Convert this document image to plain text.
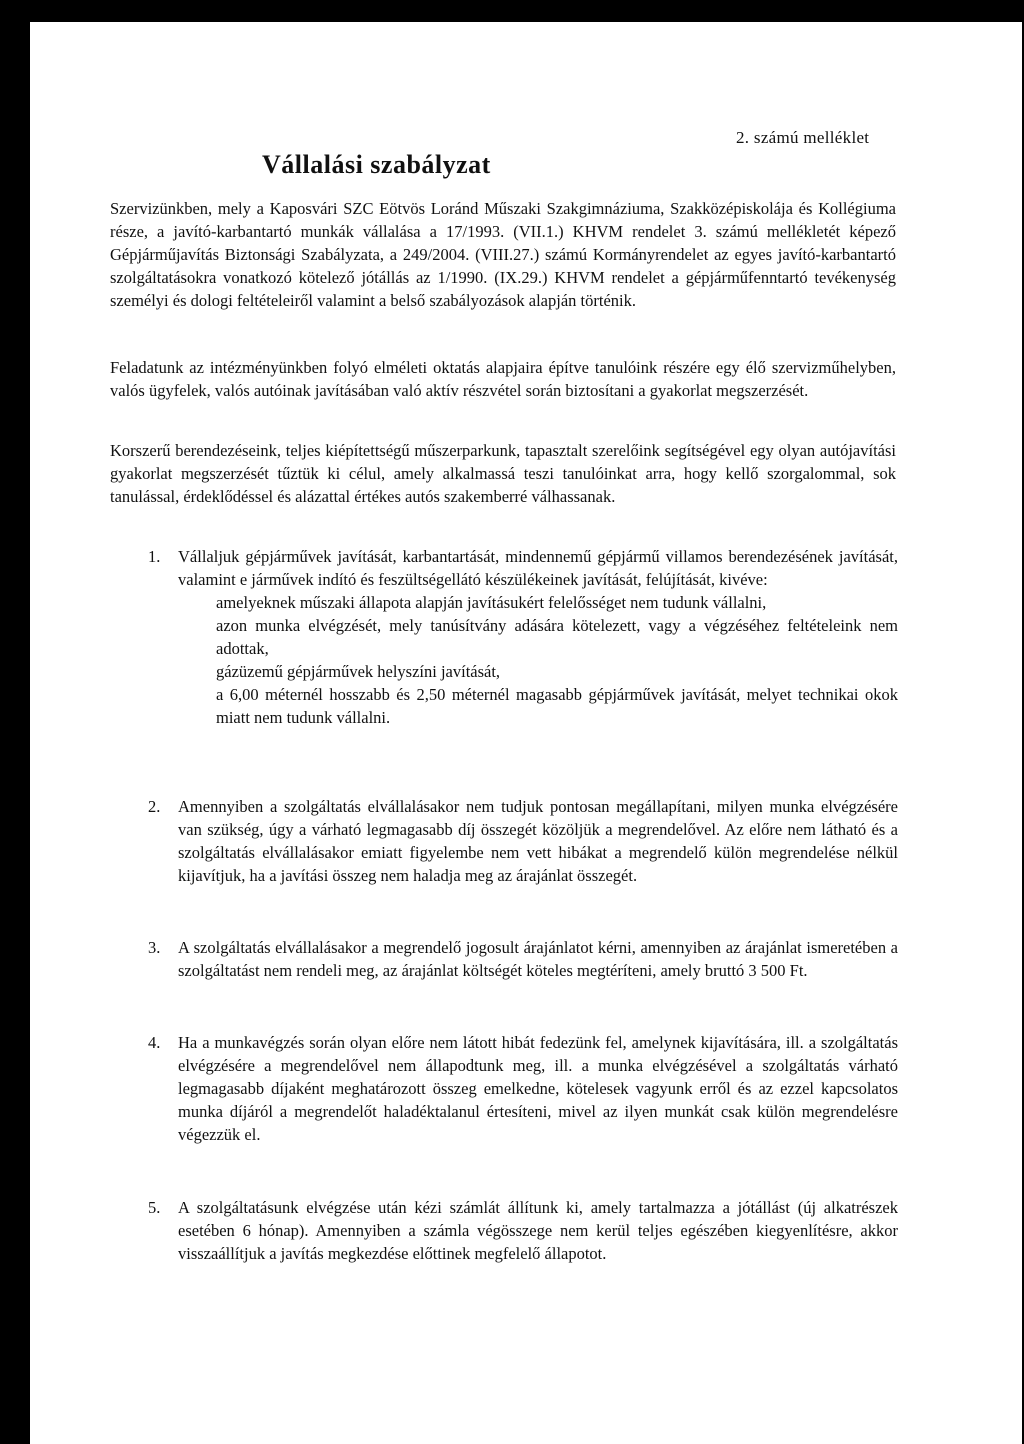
2. számú melléklet
Vállalási szabályzat

Szervizünkben, mely a Kaposvári SZC Eötvös Loránd Műszaki Szakgimnáziuma, Szakközépiskolája és Kollégiuma része, a javító-karbantartó munkák vállalása a 17/1993. (VII.1.) KHVM rendelet 3. számú mellékletét képező Gépjárműjavítás Biztonsági Szabályzata, a 249/2004. (VIII.27.) számú Kormányrendelet az egyes javító-karbantartó szolgáltatásokra vonatkozó kötelező jótállás az 1/1990. (IX.29.) KHVM rendelet a gépjárműfenntartó tevékenység személyi és dologi feltételeiről valamint a belső szabályozások alapján történik.

Feladatunk az intézményünkben folyó elméleti oktatás alapjaira építve tanulóink részére egy élő szervizműhelyben, valós ügyfelek, valós autóinak javításában való aktív részvétel során biztosítani a gyakorlat megszerzését.

Korszerű berendezéseink, teljes kiépítettségű műszerparkunk, tapasztalt szerelőink segítségével egy olyan autójavítási gyakorlat megszerzését tűztük ki célul, amely alkalmassá teszi tanulóinkat arra, hogy kellő szorgalommal, sok tanulással, érdeklődéssel és alázattal értékes autós szakemberré válhassanak.

1. Vállaljuk gépjárművek javítását, karbantartását, mindennemű gépjármű villamos berendezésének javítását, valamint e járművek indító és feszültségellátó készülékeinek javítását, felújítását, kivéve:

amelyeknek műszaki állapota alapján javításukért felelősséget nem tudunk vállalni,

azon munka elvégzését, mely tanúsítvány adására kötelezett, vagy a végzéséhez feltételeink nem adottak,

gázüzemű gépjárművek helyszíni javítását,

a 6,00 méternél hosszabb és 2,50 méternél magasabb gépjárművek javítását, melyet technikai okok miatt nem tudunk vállalni.

2. Amennyiben a szolgáltatás elvállalásakor nem tudjuk pontosan megállapítani, milyen munka elvégzésére van szükség, úgy a várható legmagasabb díj összegét közöljük a megrendelővel. Az előre nem látható és a szolgáltatás elvállalásakor emiatt figyelembe nem vett hibákat a megrendelő külön megrendelése nélkül kijavítjuk, ha a javítási összeg nem haladja meg az árajánlat összegét.

3. A szolgáltatás elvállalásakor a megrendelő jogosult árajánlatot kérni, amennyiben az árajánlat ismeretében a szolgáltatást nem rendeli meg, az árajánlat költségét köteles megtéríteni, amely bruttó 3 500 Ft.

4. Ha a munkavégzés során olyan előre nem látott hibát fedezünk fel, amelynek kijavítására, ill. a szolgáltatás elvégzésére a megrendelővel nem állapodtunk meg, ill. a munka elvégzésével a szolgáltatás várható legmagasabb díjaként meghatározott összeg emelkedne, kötelesek vagyunk erről és az ezzel kapcsolatos munka díjáról a megrendelőt haladéktalanul értesíteni, mivel az ilyen munkát csak külön megrendelésre végezzük el.

5. A szolgáltatásunk elvégzése után kézi számlát állítunk ki, amely tartalmazza a jótállást (új alkatrészek esetében 6 hónap). Amennyiben a számla végösszege nem kerül teljes egészében kiegyenlítésre, akkor visszaállítjuk a javítás megkezdése előttinek megfelelő állapotot.
